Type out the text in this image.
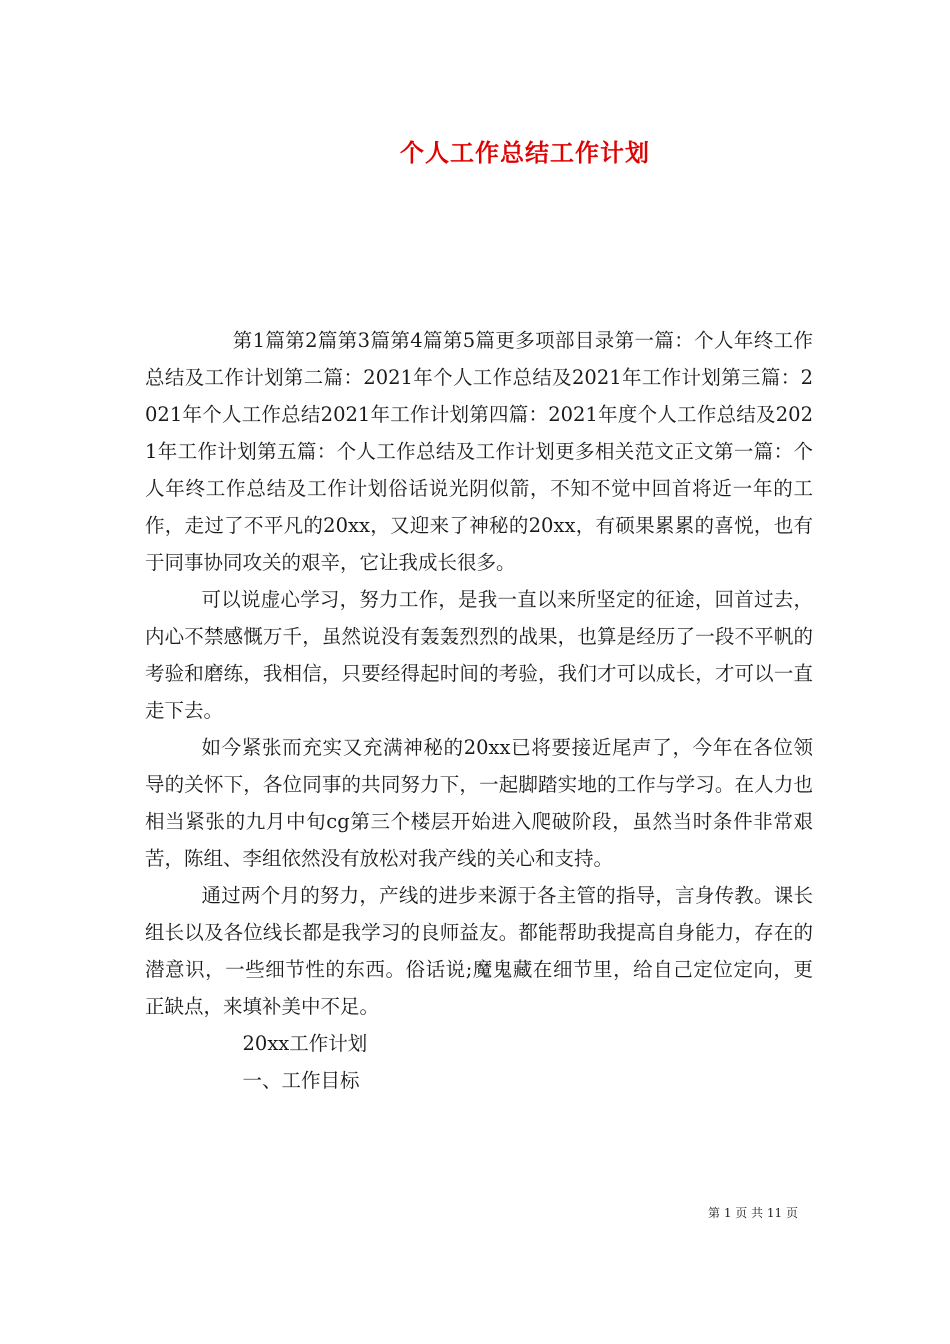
个人工作总结工作计划

第1篇第2篇第3篇第4篇第5篇更多项部目录第一篇：个人年终工作总结及工作计划第二篇：2021年个人工作总结及2021年工作计划第三篇：2021年个人工作总结2021年工作计划第四篇：2021年度个人工作总结及2021年工作计划第五篇：个人工作总结及工作计划更多相关范文正文第一篇：个人年终工作总结及工作计划俗话说光阴似箭，不知不觉中回首将近一年的工作，走过了不平凡的20xx，又迎来了神秘的20xx，有硕果累累的喜悦，也有于同事协同攻关的艰辛，它让我成长很多。

可以说虚心学习，努力工作，是我一直以来所坚定的征途，回首过去，内心不禁感慨万千，虽然说没有轰轰烈烈的战果，也算是经历了一段不平帆的考验和磨练，我相信，只要经得起时间的考验，我们才可以成长，才可以一直走下去。

如今紧张而充实又充满神秘的20xx已将要接近尾声了，今年在各位领导的关怀下，各位同事的共同努力下，一起脚踏实地的工作与学习。在人力也相当紧张的九月中旬cg第三个楼层开始进入爬破阶段，虽然当时条件非常艰苦，陈组、李组依然没有放松对我产线的关心和支持。

通过两个月的努力，产线的进步来源于各主管的指导，言身传教。课长组长以及各位线长都是我学习的良师益友。都能帮助我提高自身能力，存在的潜意识，一些细节性的东西。俗话说;魔鬼藏在细节里，给自己定位定向，更正缺点，来填补美中不足。

20xx工作计划

一、工作目标

第 1 页 共 11 页
